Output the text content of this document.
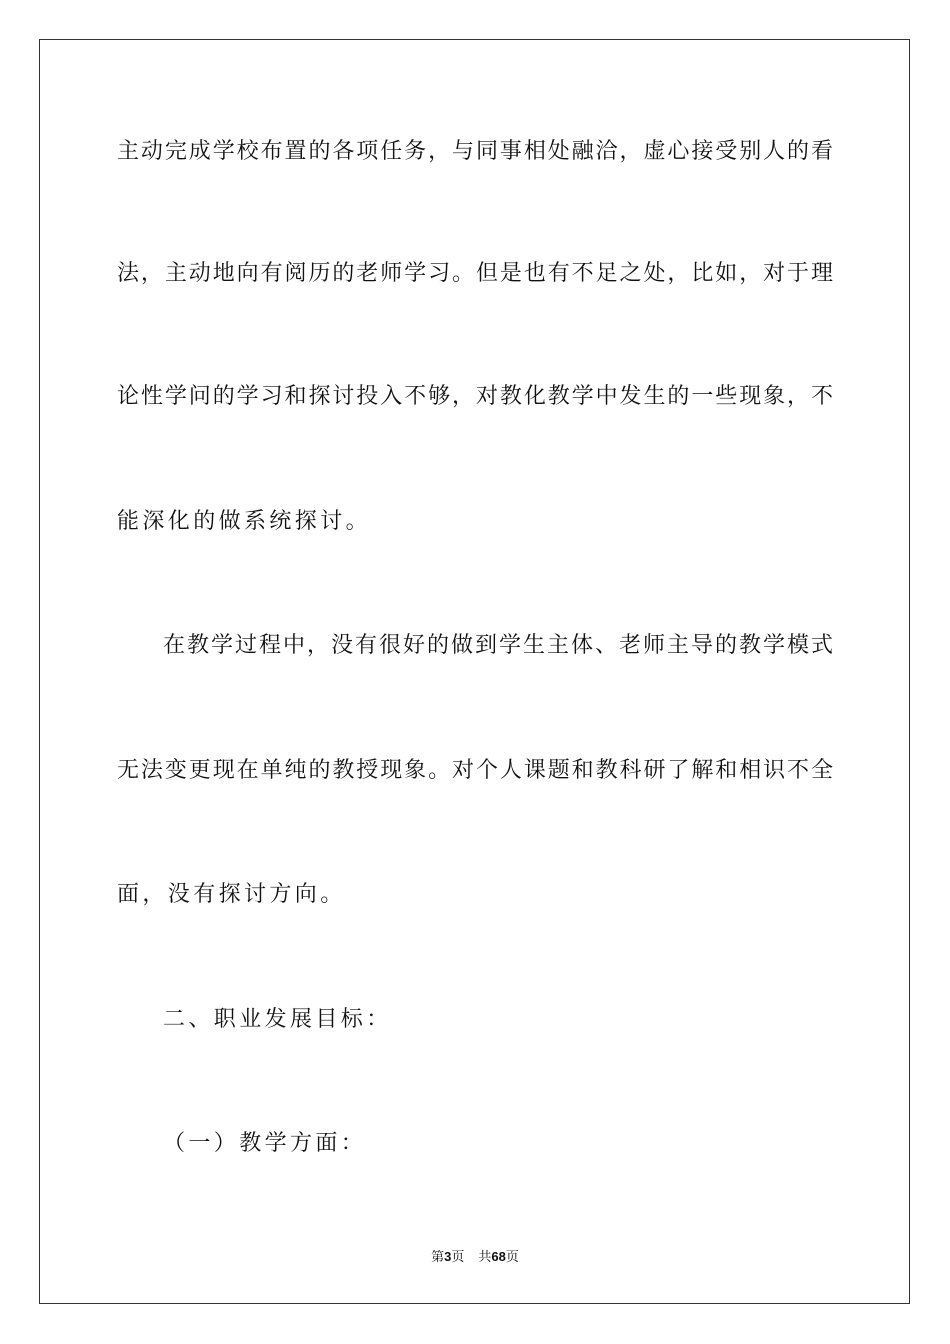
主动完成学校布置的各项任务，与同事相处融洽，虚心接受别人的看
法，主动地向有阅历的老师学习。但是也有不足之处，比如，对于理
论性学问的学习和探讨投入不够，对教化教学中发生的一些现象，不
能深化的做系统探讨。
在教学过程中，没有很好的做到学生主体、老师主导的教学模式
无法变更现在单纯的教授现象。对个人课题和教科研了解和相识不全
面，没有探讨方向。
二、职业发展目标：
（一）教学方面：
第3页 共68页
